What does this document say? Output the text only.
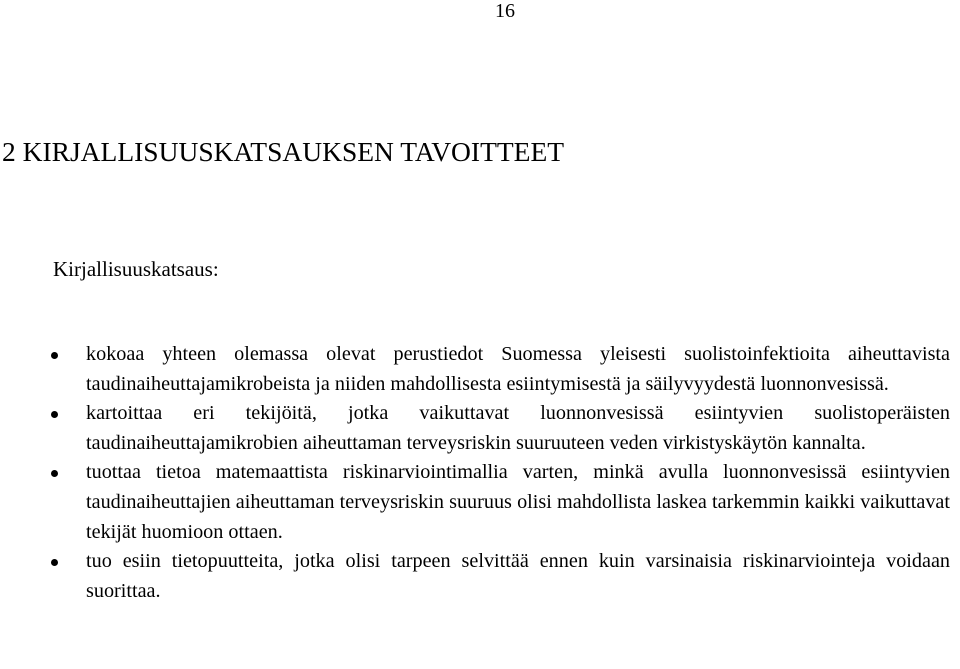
16
2 KIRJALLISUUSKATSAUKSEN TAVOITTEET
Kirjallisuuskatsaus:
kokoaa yhteen olemassa olevat perustiedot Suomessa yleisesti suolistoinfektioita aiheuttavista taudinaiheuttajamikrobeista ja niiden mahdollisesta esiintymisestä ja säilyvyydestä luonnonvesissä.
kartoittaa eri tekijöitä, jotka vaikuttavat luonnonvesissä esiintyvien suolistoperäisten taudinaiheuttajamikrobien aiheuttaman terveysriskin suuruuteen veden virkistyskäytön kannalta.
tuottaa tietoa matemaattista riskinarviointimallia varten, minkä avulla luonnonvesissä esiintyvien taudinaiheuttajien aiheuttaman terveysriskin suuruus olisi mahdollista laskea tarkemmin kaikki vaikuttavat tekijät huomioon ottaen.
tuo esiin tietopuutteita, jotka olisi tarpeen selvittää ennen kuin varsinaisia riskinarviointeja voidaan suorittaa.
